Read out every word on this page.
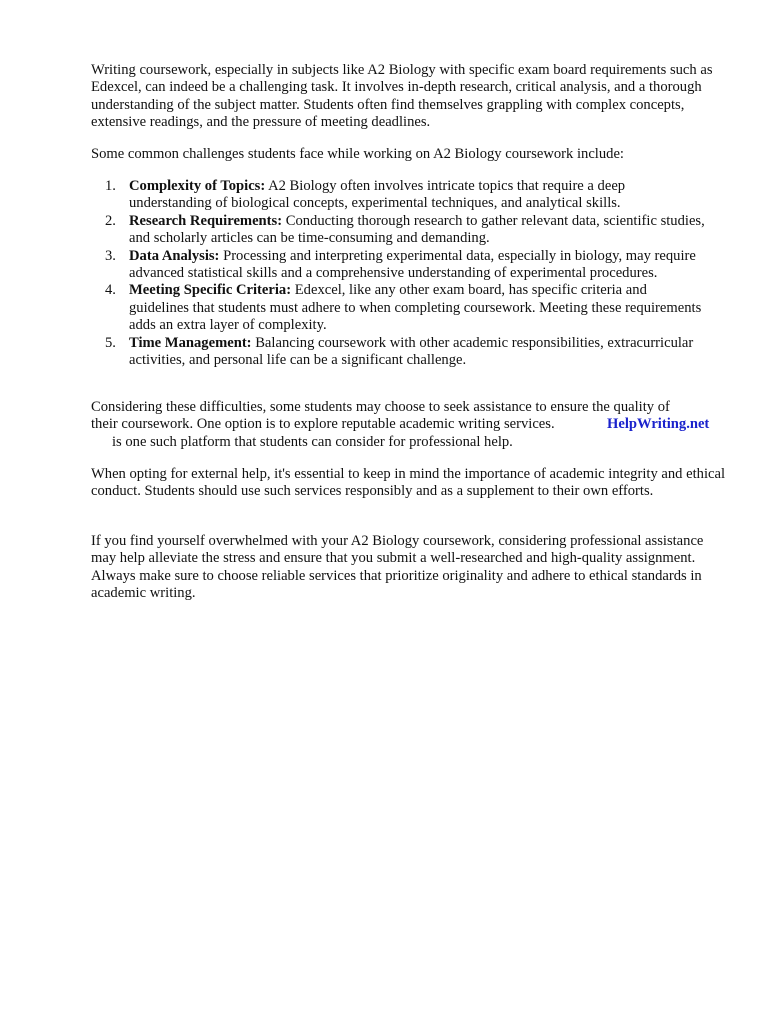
Writing coursework, especially in subjects like A2 Biology with specific exam board requirements such as Edexcel, can indeed be a challenging task. It involves in-depth research, critical analysis, and a thorough understanding of the subject matter. Students often find themselves grappling with complex concepts, extensive readings, and the pressure of meeting deadlines.

Some common challenges students face while working on A2 Biology coursework include:

1. Complexity of Topics: A2 Biology often involves intricate topics that require a deep understanding of biological concepts, experimental techniques, and analytical skills.
2. Research Requirements: Conducting thorough research to gather relevant data, scientific studies, and scholarly articles can be time-consuming and demanding.
3. Data Analysis: Processing and interpreting experimental data, especially in biology, may require advanced statistical skills and a comprehensive understanding of experimental procedures.
4. Meeting Specific Criteria: Edexcel, like any other exam board, has specific criteria and guidelines that students must adhere to when completing coursework. Meeting these requirements adds an extra layer of complexity.
5. Time Management: Balancing coursework with other academic responsibilities, extracurricular activities, and personal life can be a significant challenge.
Considering these difficulties, some students may choose to seek assistance to ensure the quality of
their coursework. One option is to explore reputable academic writing services.	HelpWriting.net
is one such platform that students can consider for professional help.

When opting for external help, it's essential to keep in mind the importance of academic integrity and ethical conduct. Students should use such services responsibly and as a supplement to their own efforts.

If you find yourself overwhelmed with your A2 Biology coursework, considering professional assistance may help alleviate the stress and ensure that you submit a well-researched and high-quality assignment. Always make sure to choose reliable services that prioritize originality and adhere to ethical standards in academic writing.
